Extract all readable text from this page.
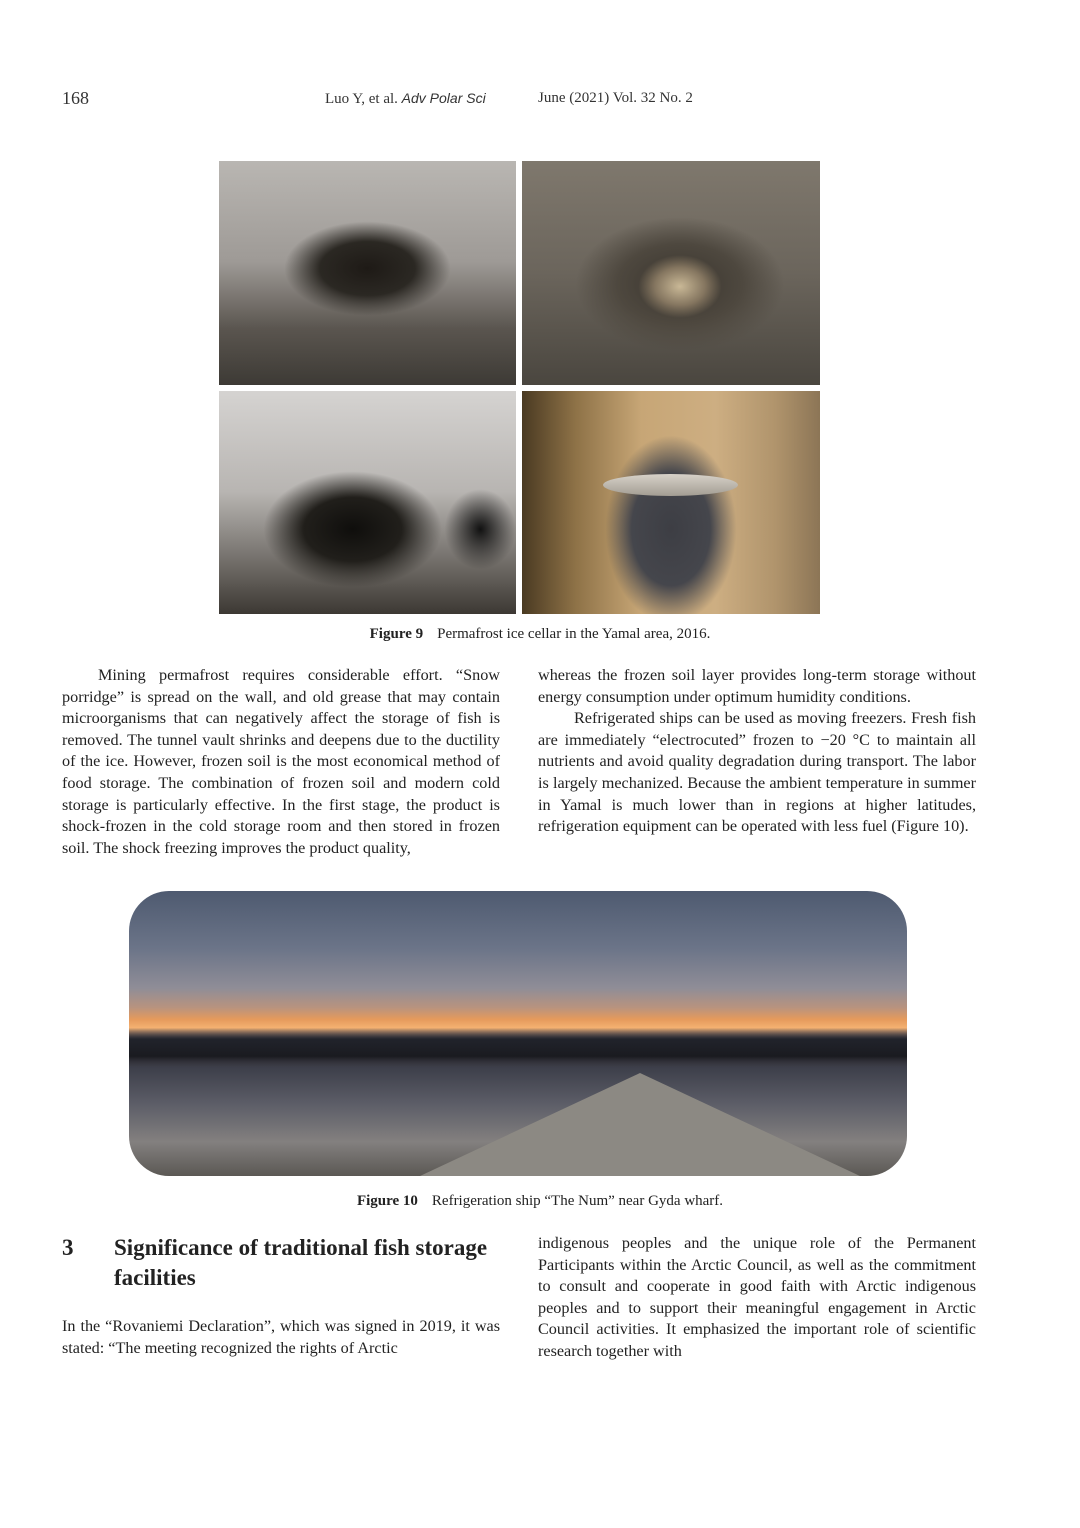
168	Luo Y, et al. Adv Polar Sci	June (2021) Vol. 32 No. 2
Figure 9 Permafrost ice cellar in the Yamal area, 2016.

Mining permafrost requires considerable effort. “Snow porridge” is spread on the wall, and old grease that may contain microorganisms that can negatively affect the storage of fish is removed. The tunnel vault shrinks and deepens due to the ductility of the ice. However, frozen soil is the most economical method of food storage. The combination of frozen soil and modern cold storage is particularly effective. In the first stage, the product is shock-frozen in the cold storage room and then stored in frozen soil. The shock freezing improves the product quality,

whereas the frozen soil layer provides long-term storage without energy consumption under optimum humidity conditions.

Refrigerated ships can be used as moving freezers. Fresh fish are immediately “electrocuted” frozen to −20 °C to maintain all nutrients and avoid quality degradation during transport. The labor is largely mechanized. Because the ambient temperature in summer in Yamal is much lower than in regions at higher latitudes, refrigeration equipment can be operated with less fuel (Figure 10).

Figure 10 Refrigeration ship “The Num” near Gyda wharf.
3 Significance of traditional fish storage facilities

In the “Rovaniemi Declaration”, which was signed in 2019, it was stated: “The meeting recognized the rights of Arctic

indigenous peoples and the unique role of the Permanent Participants within the Arctic Council, as well as the commitment to consult and cooperate in good faith with Arctic indigenous peoples and to support their meaningful engagement in Arctic Council activities. It emphasized the important role of scientific research together with
